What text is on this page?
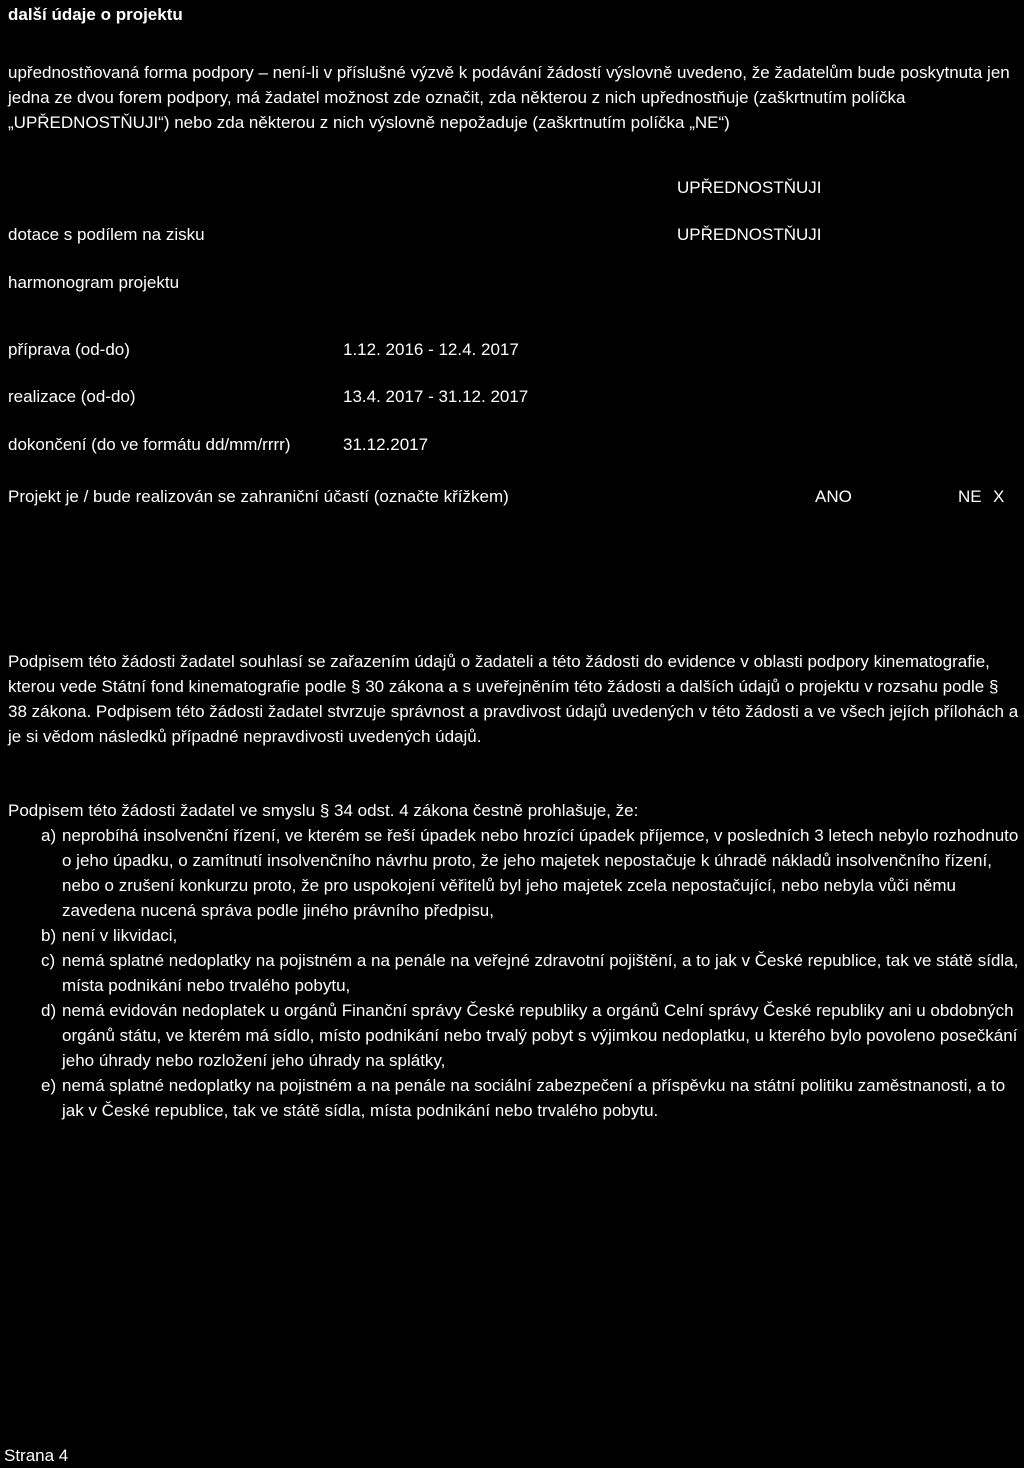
další údaje o projektu
upřednostňovaná forma podpory – není-li v příslušné výzvě k podávání žádostí výslovně uvedeno, že žadatelům bude poskytnuta jen jedna ze dvou forem podpory, má žadatel možnost zde označit, zda některou z nich upřednostňuje (zaškrtnutím políčka „UPŘEDNOSTŇUJI“) nebo zda některou z nich výslovně nepožaduje (zaškrtnutím políčka „NE“)
UPŘEDNOSTŇUJI
dotace s podílem na zisku	UPŘEDNOSTŇUJI
harmonogram projektu
příprava (od-do)	1.12. 2016 - 12.4. 2017
realizace (od-do)	13.4. 2017 - 31.12. 2017
dokončení (do ve formátu dd/mm/rrrr)	31.12.2017
Projekt je / bude realizován se zahraniční účastí (označte křížkem)	ANO	NE X
Podpisem této žádosti žadatel souhlasí se zařazením údajů o žadateli a této žádosti do evidence v oblasti podpory kinematografie, kterou vede Státní fond kinematografie podle § 30 zákona a s uveřejněním této žádosti a dalších údajů o projektu v rozsahu podle § 38 zákona. Podpisem této žádosti žadatel stvrzuje správnost a pravdivost údajů uvedených v této žádosti a ve všech jejích přílohách a je si vědom následků případné nepravdivosti uvedených údajů.
Podpisem této žádosti žadatel ve smyslu § 34 odst. 4 zákona čestně prohlašuje, že:
a) neprobíhá insolvenční řízení, ve kterém se řeší úpadek nebo hrozící úpadek příjemce, v posledních 3 letech nebylo rozhodnuto o jeho úpadku, o zamítnutí insolvenčního návrhu proto, že jeho majetek nepostačuje k úhradě nákladů insolvenčního řízení, nebo o zrušení konkurzu proto, že pro uspokojení věřitelů byl jeho majetek zcela nepostačující, nebo nebyla vůči němu zavedena nucená správa podle jiného právního předpisu,
b) není v likvidaci,
c) nemá splatné nedoplatky na pojistném a na penále na veřejné zdravotní pojištění, a to jak v České republice, tak ve státě sídla, místa podnikání nebo trvalého pobytu,
d) nemá evidován nedoplatek u orgánů Finanční správy České republiky a orgánů Celní správy České republiky ani u obdobných orgánů státu, ve kterém má sídlo, místo podnikání nebo trvalý pobyt s výjimkou nedoplatku, u kterého bylo povoleno posečkání jeho úhrady nebo rozložení jeho úhrady na splátky,
e) nemá splatné nedoplatky na pojistném a na penále na sociální zabezpečení a příspěvku na státní politiku zaměstnanosti, a to jak v České republice, tak ve státě sídla, místa podnikání nebo trvalého pobytu.
Strana 4
